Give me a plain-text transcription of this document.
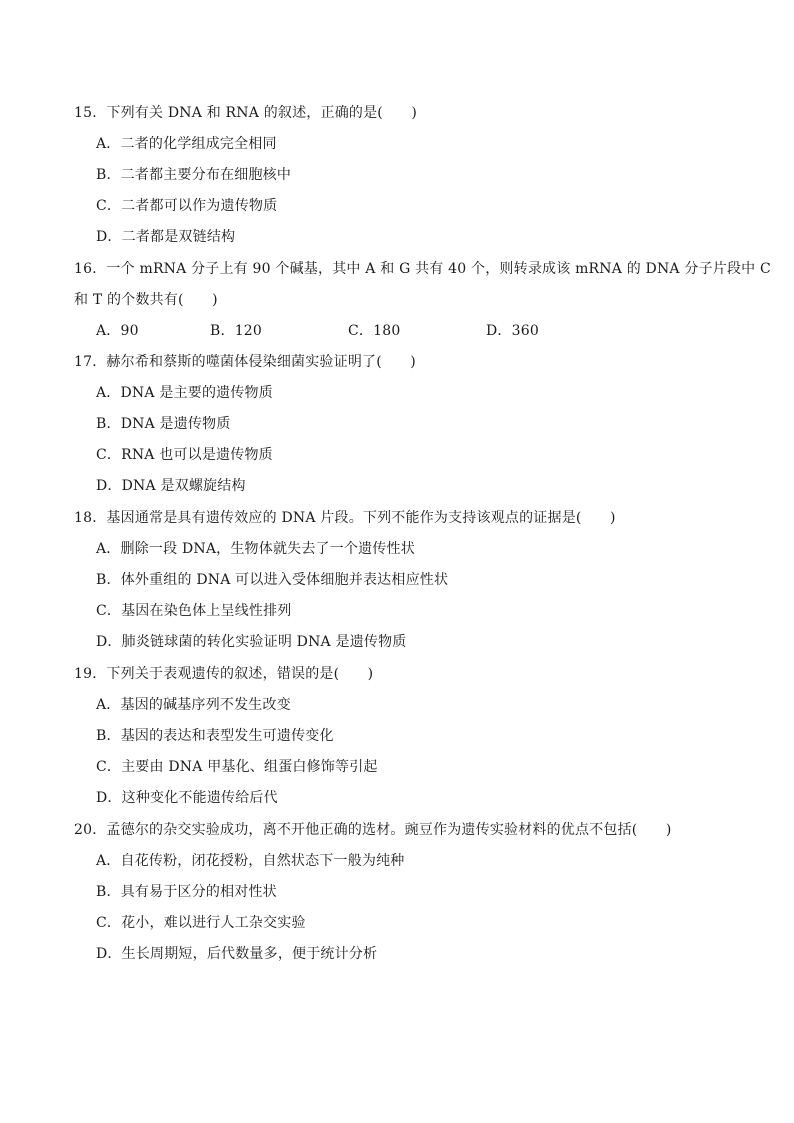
15．下列有关 DNA 和 RNA 的叙述，正确的是(　　)
A．二者的化学组成完全相同
B．二者都主要分布在细胞核中
C．二者都可以作为遗传物质
D．二者都是双链结构
16．一个 mRNA 分子上有 90 个碱基，其中 A 和 G 共有 40 个，则转录成该 mRNA 的 DNA 分子片段中 C
和 T 的个数共有(　　)
A．90	B．120	C．180	D．360
17．赫尔希和蔡斯的噬菌体侵染细菌实验证明了(　　)
A．DNA 是主要的遗传物质
B．DNA 是遗传物质
C．RNA 也可以是遗传物质
D．DNA 是双螺旋结构
18．基因通常是具有遗传效应的 DNA 片段。下列不能作为支持该观点的证据是(　　)
A．删除一段 DNA，生物体就失去了一个遗传性状
B．体外重组的 DNA 可以进入受体细胞并表达相应性状
C．基因在染色体上呈线性排列
D．肺炎链球菌的转化实验证明 DNA 是遗传物质
19．下列关于表观遗传的叙述，错误的是(　　)
A．基因的碱基序列不发生改变
B．基因的表达和表型发生可遗传变化
C．主要由 DNA 甲基化、组蛋白修饰等引起
D．这种变化不能遗传给后代
20．孟德尔的杂交实验成功，离不开他正确的选材。豌豆作为遗传实验材料的优点不包括(　　)
A．自花传粉，闭花授粉，自然状态下一般为纯种
B．具有易于区分的相对性状
C．花小，难以进行人工杂交实验
D．生长周期短，后代数量多，便于统计分析
